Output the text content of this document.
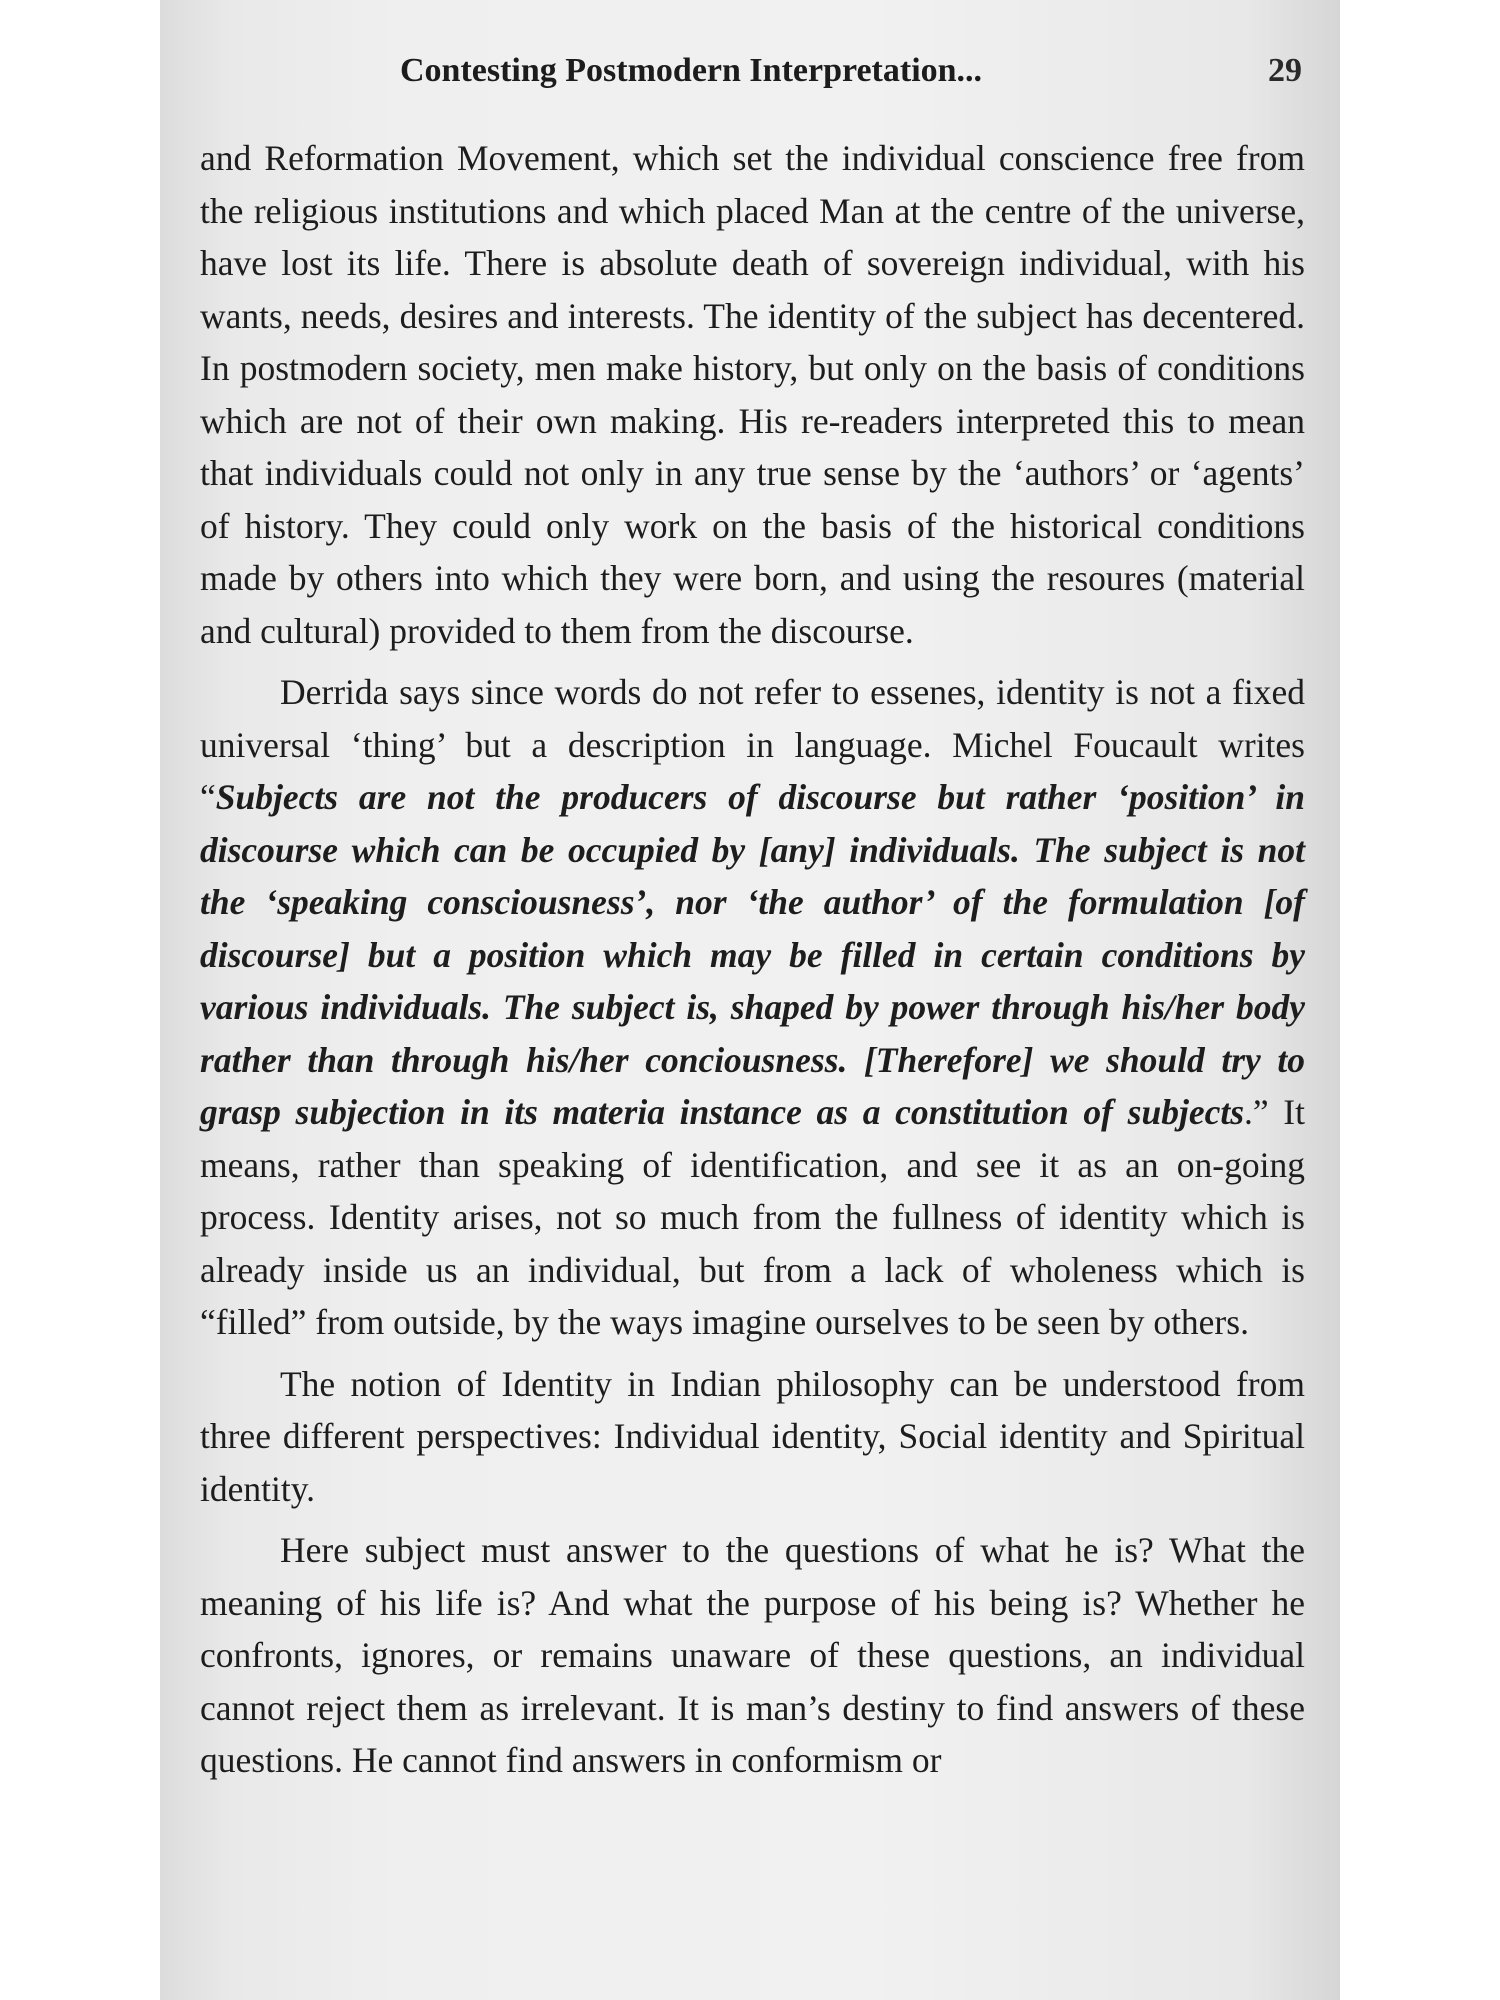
Contesting Postmodern Interpretation...	29

and Reformation Movement, which set the individual conscience free from the religious institutions and which placed Man at the centre of the universe, have lost its life. There is absolute death of sovereign individual, with his wants, needs, desires and interests. The identity of the subject has decentered. In postmodern society, men make history, but only on the basis of conditions which are not of their own making. His re-readers interpreted this to mean that individuals could not only in any true sense by the ‘authors’ or ‘agents’ of history. They could only work on the basis of the historical conditions made by others into which they were born, and using the resoures (material and cultural) provided to them from the discourse.

Derrida says since words do not refer to essenes, identity is not a fixed universal ‘thing’ but a description in language. Michel Foucault writes “Subjects are not the producers of discourse but rather ‘position’ in discourse which can be occupied by [any] individuals. The subject is not the ‘speaking consciousness’, nor ‘the author’ of the formulation [of discourse] but a position which may be filled in certain conditions by various individuals. The subject is, shaped by power through his/her body rather than through his/her conciousness. [Therefore] we should try to grasp subjection in its materia instance as a constitution of subjects.” It means, rather than speaking of identification, and see it as an on-going process. Identity arises, not so much from the fullness of identity which is already inside us an individual, but from a lack of wholeness which is “filled” from outside, by the ways imagine ourselves to be seen by others.

The notion of Identity in Indian philosophy can be understood from three different perspectives: Individual identity, Social identity and Spiritual identity.

Here subject must answer to the questions of what he is? What the meaning of his life is? And what the purpose of his being is? Whether he confronts, ignores, or remains unaware of these questions, an individual cannot reject them as irrelevant. It is man’s destiny to find answers of these questions. He cannot find answers in conformism or
